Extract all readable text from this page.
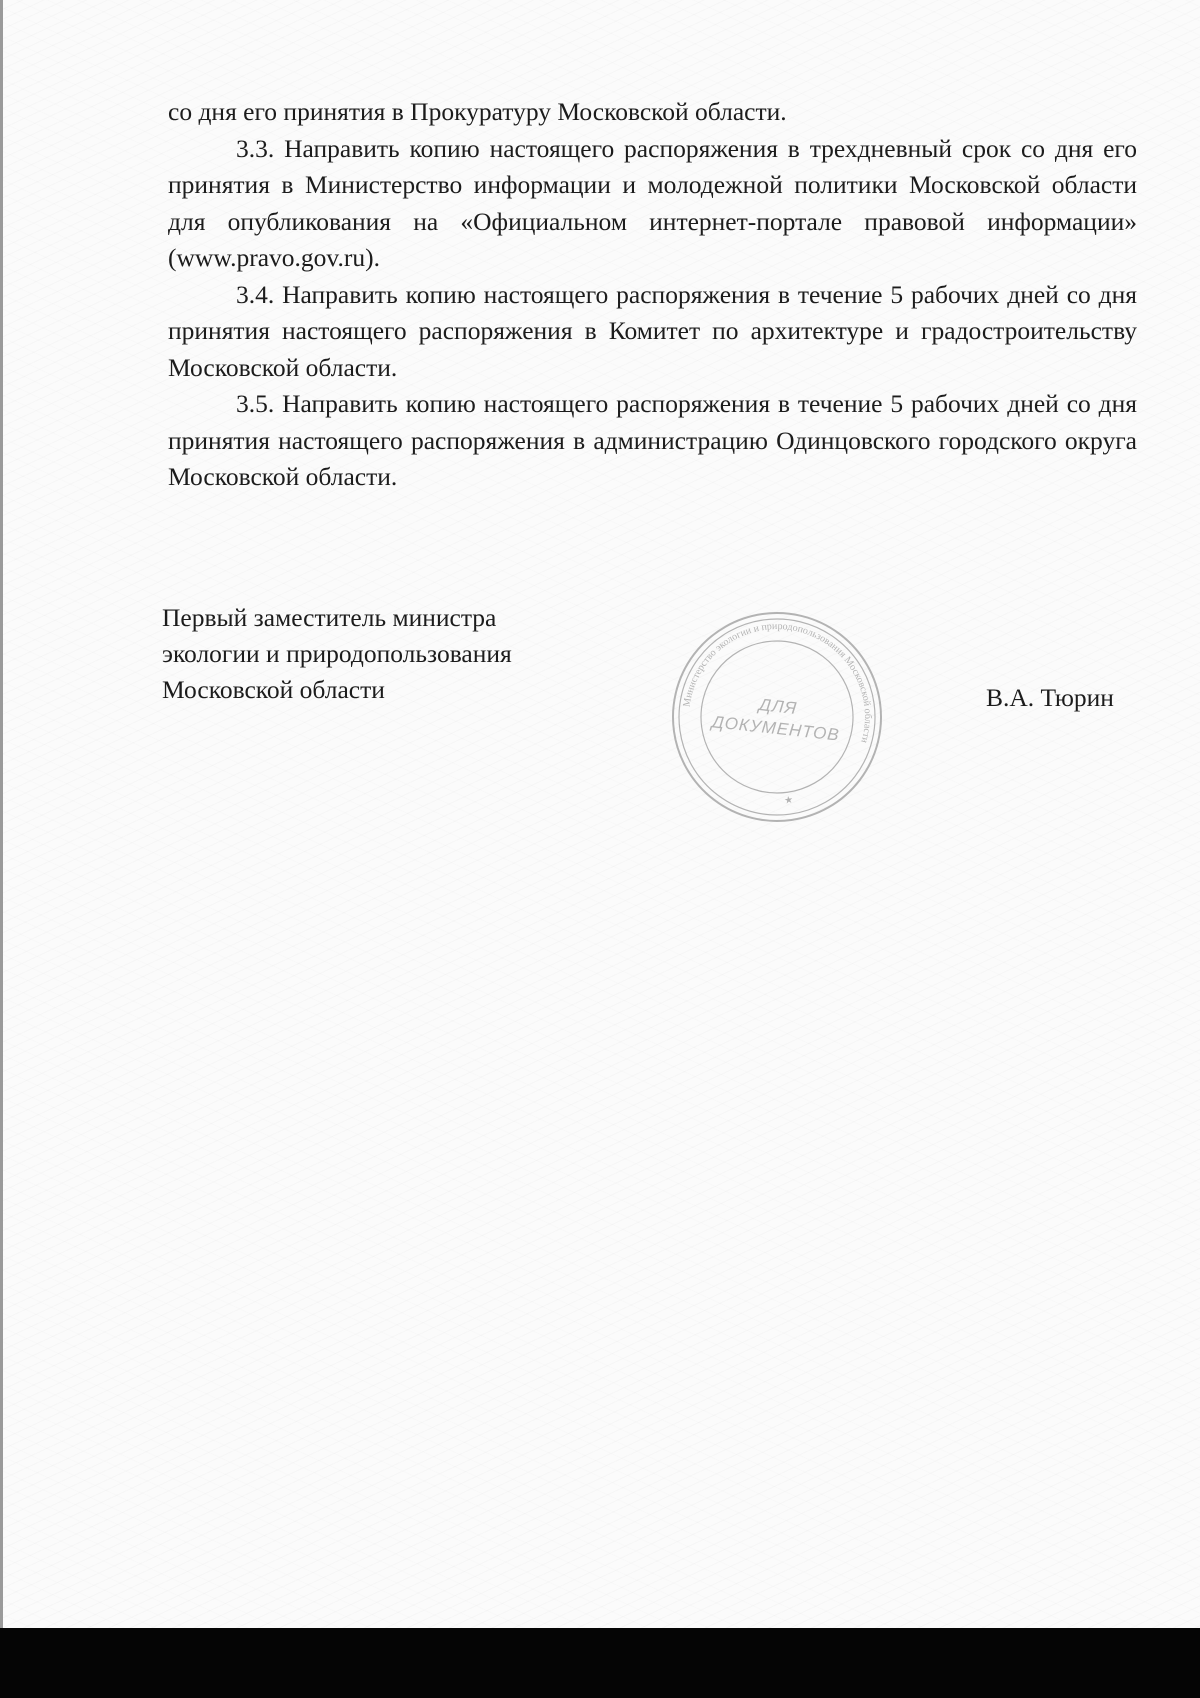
со дня его принятия в Прокуратуру Московской области.

3.3. Направить копию настоящего распоряжения в трехдневный срок со дня его принятия в Министерство информации и молодежной политики Московской области для опубликования на «Официальном интернет-портале правовой информации» (www.pravo.gov.ru).

3.4. Направить копию настоящего распоряжения в течение 5 рабочих дней со дня принятия настоящего распоряжения в Комитет по архитектуре и градостроительству Московской области.

3.5. Направить копию настоящего распоряжения в течение 5 рабочих дней со дня принятия настоящего распоряжения в администрацию Одинцовского городского округа Московской области.

Первый заместитель министра
экологии и природопользования
Московской области	Министерство экологии и природопользования Московской области
ДЛЯ
ДОКУМЕНТОВ
★
В.А. Тюрин
